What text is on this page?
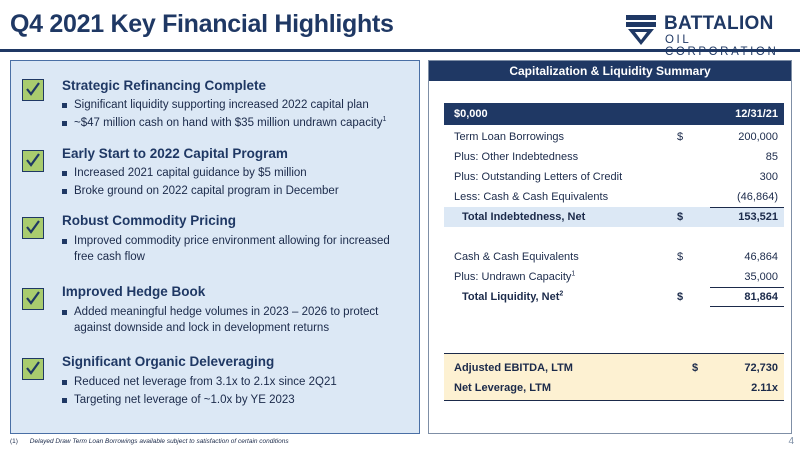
Q4 2021 Key Financial Highlights	BATTALION
OIL CORPORATION
Strategic Refinancing Complete
Significant liquidity supporting increased 2022 capital plan
~$47 million cash on hand with $35 million undrawn capacity$^1$
Early Start to 2022 Capital Program
Increased 2021 capital guidance by $5 million
Broke ground on 2022 capital program in December
Robust Commodity Pricing
Improved commodity price environment allowing for increased free cash flow
Improved Hedge Book
Added meaningful hedge volumes in 2023 – 2026 to protect against downside and lock in development returns
Significant Organic Deleveraging
Reduced net leverage from 3.1x to 2.1x since 2Q21
Targeting net leverage of ~1.0x by YE 2023
Capitalization & Liquidity Summary
$0,000	12/31/21
Term Loan Borrowings	$	200,000
Plus: Other Indebtedness	85
Plus: Outstanding Letters of Credit	300
Less: Cash & Cash Equivalents	(46,864)
Total Indebtedness, Net	$	153,521
Cash & Cash Equivalents	$	46,864
Plus: Undrawn Capacity$^1$	35,000
Total Liquidity, Net$^2$	$	81,864
Adjusted EBITDA, LTM	$	72,730
Net Leverage, LTM	2.11x
(1) Delayed Draw Term Loan Borrowings available subject to satisfaction of certain conditions	4
